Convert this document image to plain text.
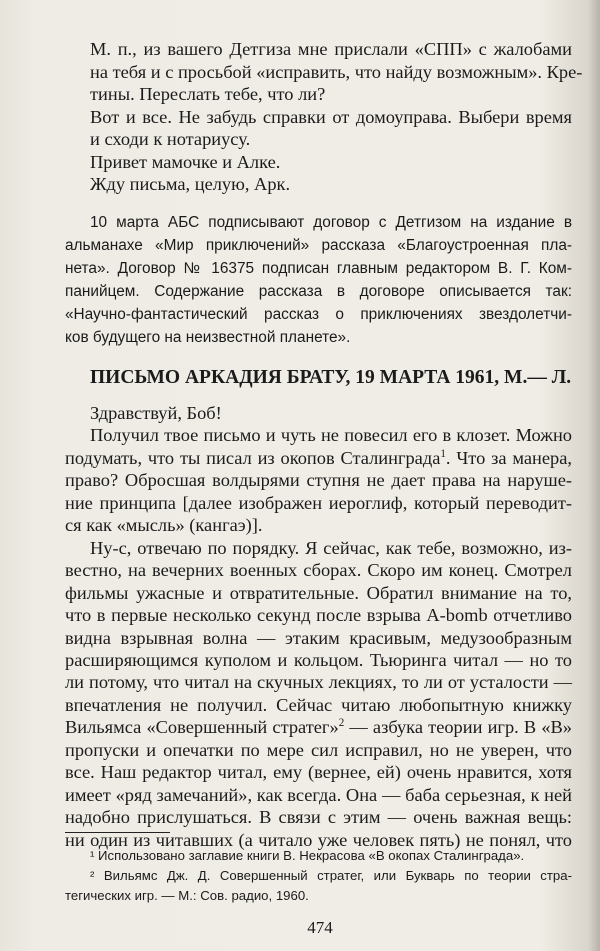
М. п., из вашего Детгиза мне прислали «СПП» с жалобами
на тебя и с просьбой «исправить, что найду возможным». Кре-
тины. Переслать тебе, что ли?

Вот и все. Не забудь справки от домоуправа. Выбери время
и сходи к нотариусу.

Привет мамочке и Алке.

Жду письма, целую, Арк.

10 марта АБС подписывают договор с Детгизом на издание в
альманахе «Мир приключений» рассказа «Благоустроенная пла-
нета». Договор № 16375 подписан главным редактором В. Г. Ком-
панийцем. Содержание рассказа в договоре описывается так:
«Научно-фантастический рассказ о приключениях звездолетчи-
ков будущего на неизвестной планете».

ПИСЬМО АРКАДИЯ БРАТУ, 19 МАРТА 1961, М.— Л.

Здравствуй, Боб!

Получил твое письмо и чуть не повесил его в клозет. Можно
подумать, что ты писал из окопов Сталинграда$^1$. Что за манера,
право? Обросшая волдырями ступня не дает права на наруше-
ние принципа [далее изображен иероглиф, который переводит-
ся как «мысль» (кангаэ)].

Ну-с, отвечаю по порядку. Я сейчас, как тебе, возможно, из-
вестно, на вечерних военных сборах. Скоро им конец. Смотрел
фильмы ужасные и отвратительные. Обратил внимание на то,
что в первые несколько секунд после взрыва A-bomb отчетливо
видна взрывная волна — этаким красивым, медузообразным
расширяющимся куполом и кольцом. Тьюринга читал — но то
ли потому, что читал на скучных лекциях, то ли от усталости —
впечатления не получил. Сейчас читаю любопытную книжку
Вильямса «Совершенный стратег»$^2$ — азбука теории игр. В «В»
пропуски и опечатки по мере сил исправил, но не уверен, что
все. Наш редактор читал, ему (вернее, ей) очень нравится, хотя
имеет «ряд замечаний», как всегда. Она — баба серьезная, к ней
надобно прислушаться. В связи с этим — очень важная вещь:
ни один из читавших (а читало уже человек пять) не понял, что

¹ Использовано заглавие книги В. Некрасова «В окопах Сталинграда».

² Вильямс Дж. Д. Совершенный стратег, или Букварь по теории стра-
тегических игр. — М.: Сов. радио, 1960.

474
